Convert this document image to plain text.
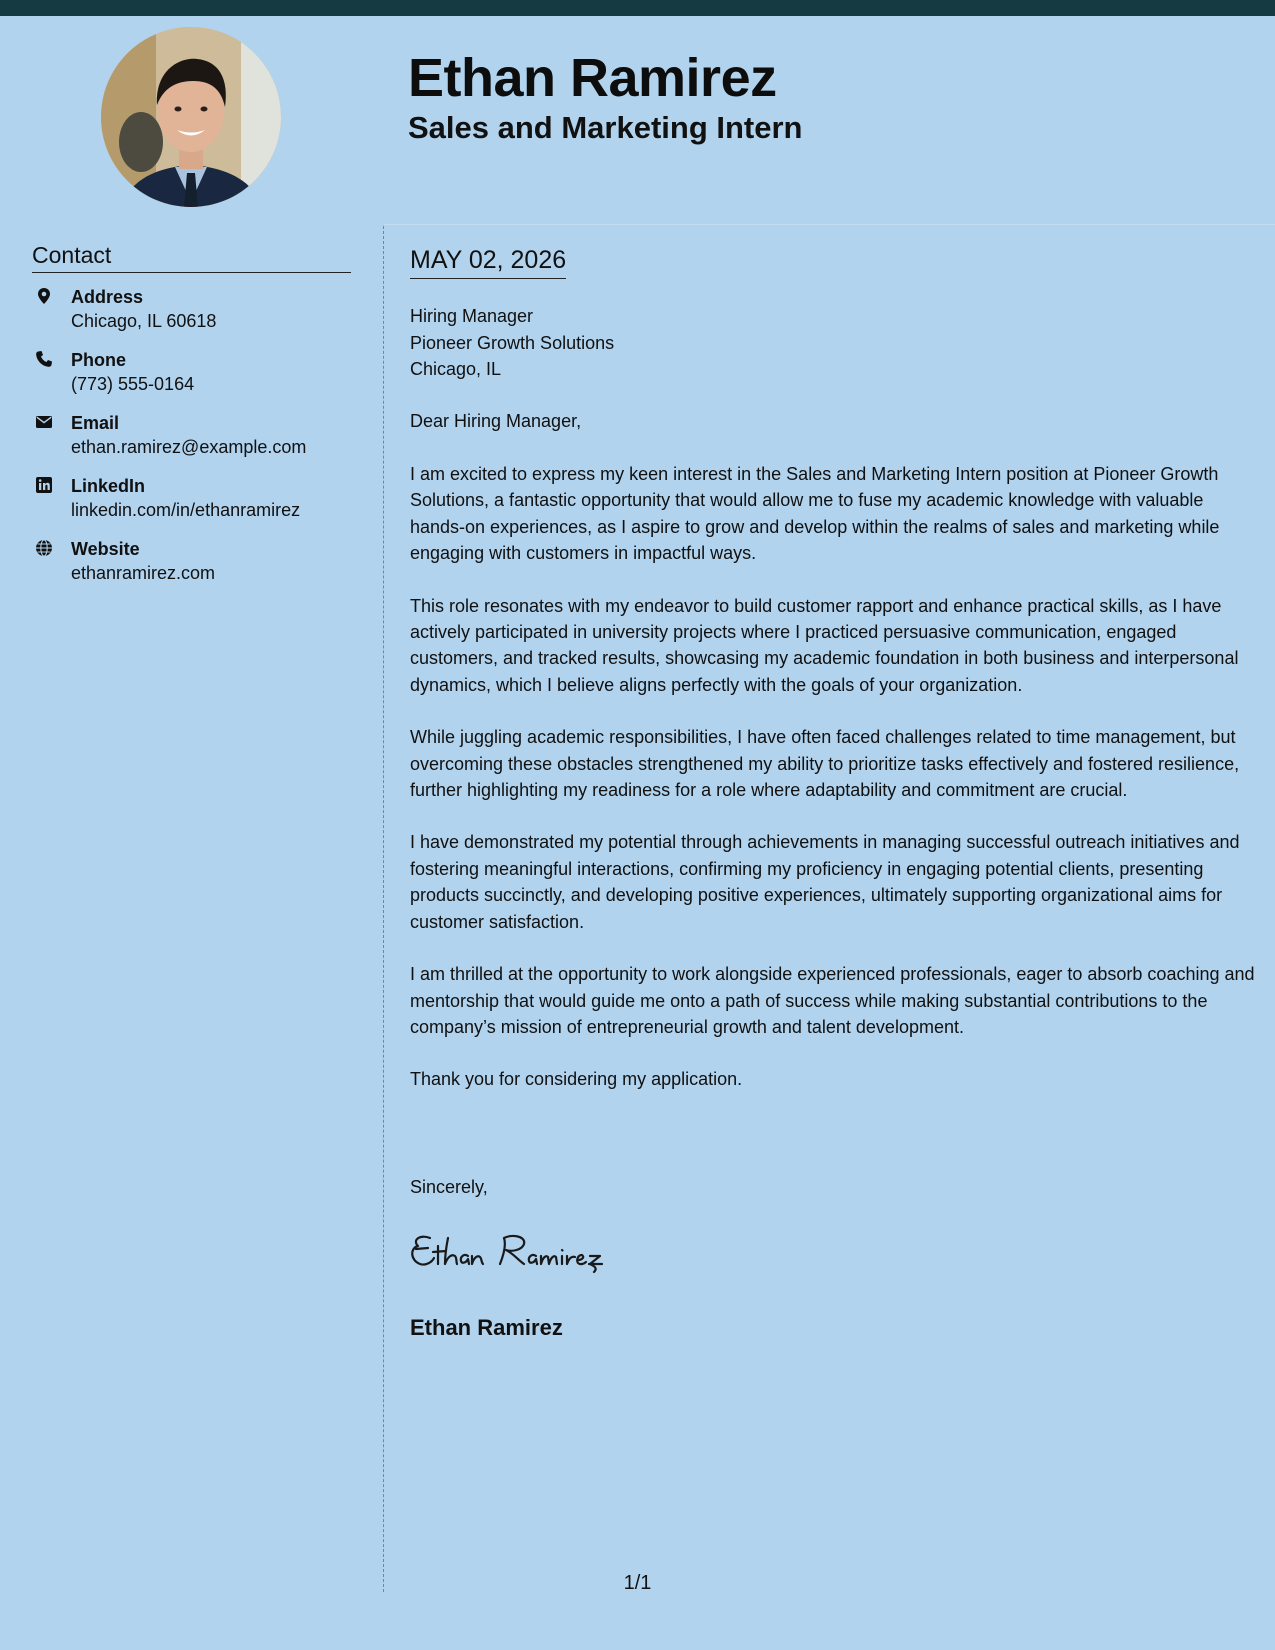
Ethan Ramirez
Sales and Marketing Intern
Contact
Address
Chicago, IL 60618
Phone
(773) 555-0164
Email
ethan.ramirez@example.com
LinkedIn
linkedin.com/in/ethanramirez
Website
ethanramirez.com
MAY 02, 2026
Hiring Manager
Pioneer Growth Solutions
Chicago, IL
Dear Hiring Manager,

I am excited to express my keen interest in the Sales and Marketing Intern position at Pioneer Growth Solutions, a fantastic opportunity that would allow me to fuse my academic knowledge with valuable hands-on experiences, as I aspire to grow and develop within the realms of sales and marketing while engaging with customers in impactful ways.

This role resonates with my endeavor to build customer rapport and enhance practical skills, as I have actively participated in university projects where I practiced persuasive communication, engaged customers, and tracked results, showcasing my academic foundation in both business and interpersonal dynamics, which I believe aligns perfectly with the goals of your organization.

While juggling academic responsibilities, I have often faced challenges related to time management, but overcoming these obstacles strengthened my ability to prioritize tasks effectively and fostered resilience, further highlighting my readiness for a role where adaptability and commitment are crucial.

I have demonstrated my potential through achievements in managing successful outreach initiatives and fostering meaningful interactions, confirming my proficiency in engaging potential clients, presenting products succinctly, and developing positive experiences, ultimately supporting organizational aims for customer satisfaction.

I am thrilled at the opportunity to work alongside experienced professionals, eager to absorb coaching and mentorship that would guide me onto a path of success while making substantial contributions to the company’s mission of entrepreneurial growth and talent development.

Thank you for considering my application.

Sincerely,
Ethan Ramirez
1/1
